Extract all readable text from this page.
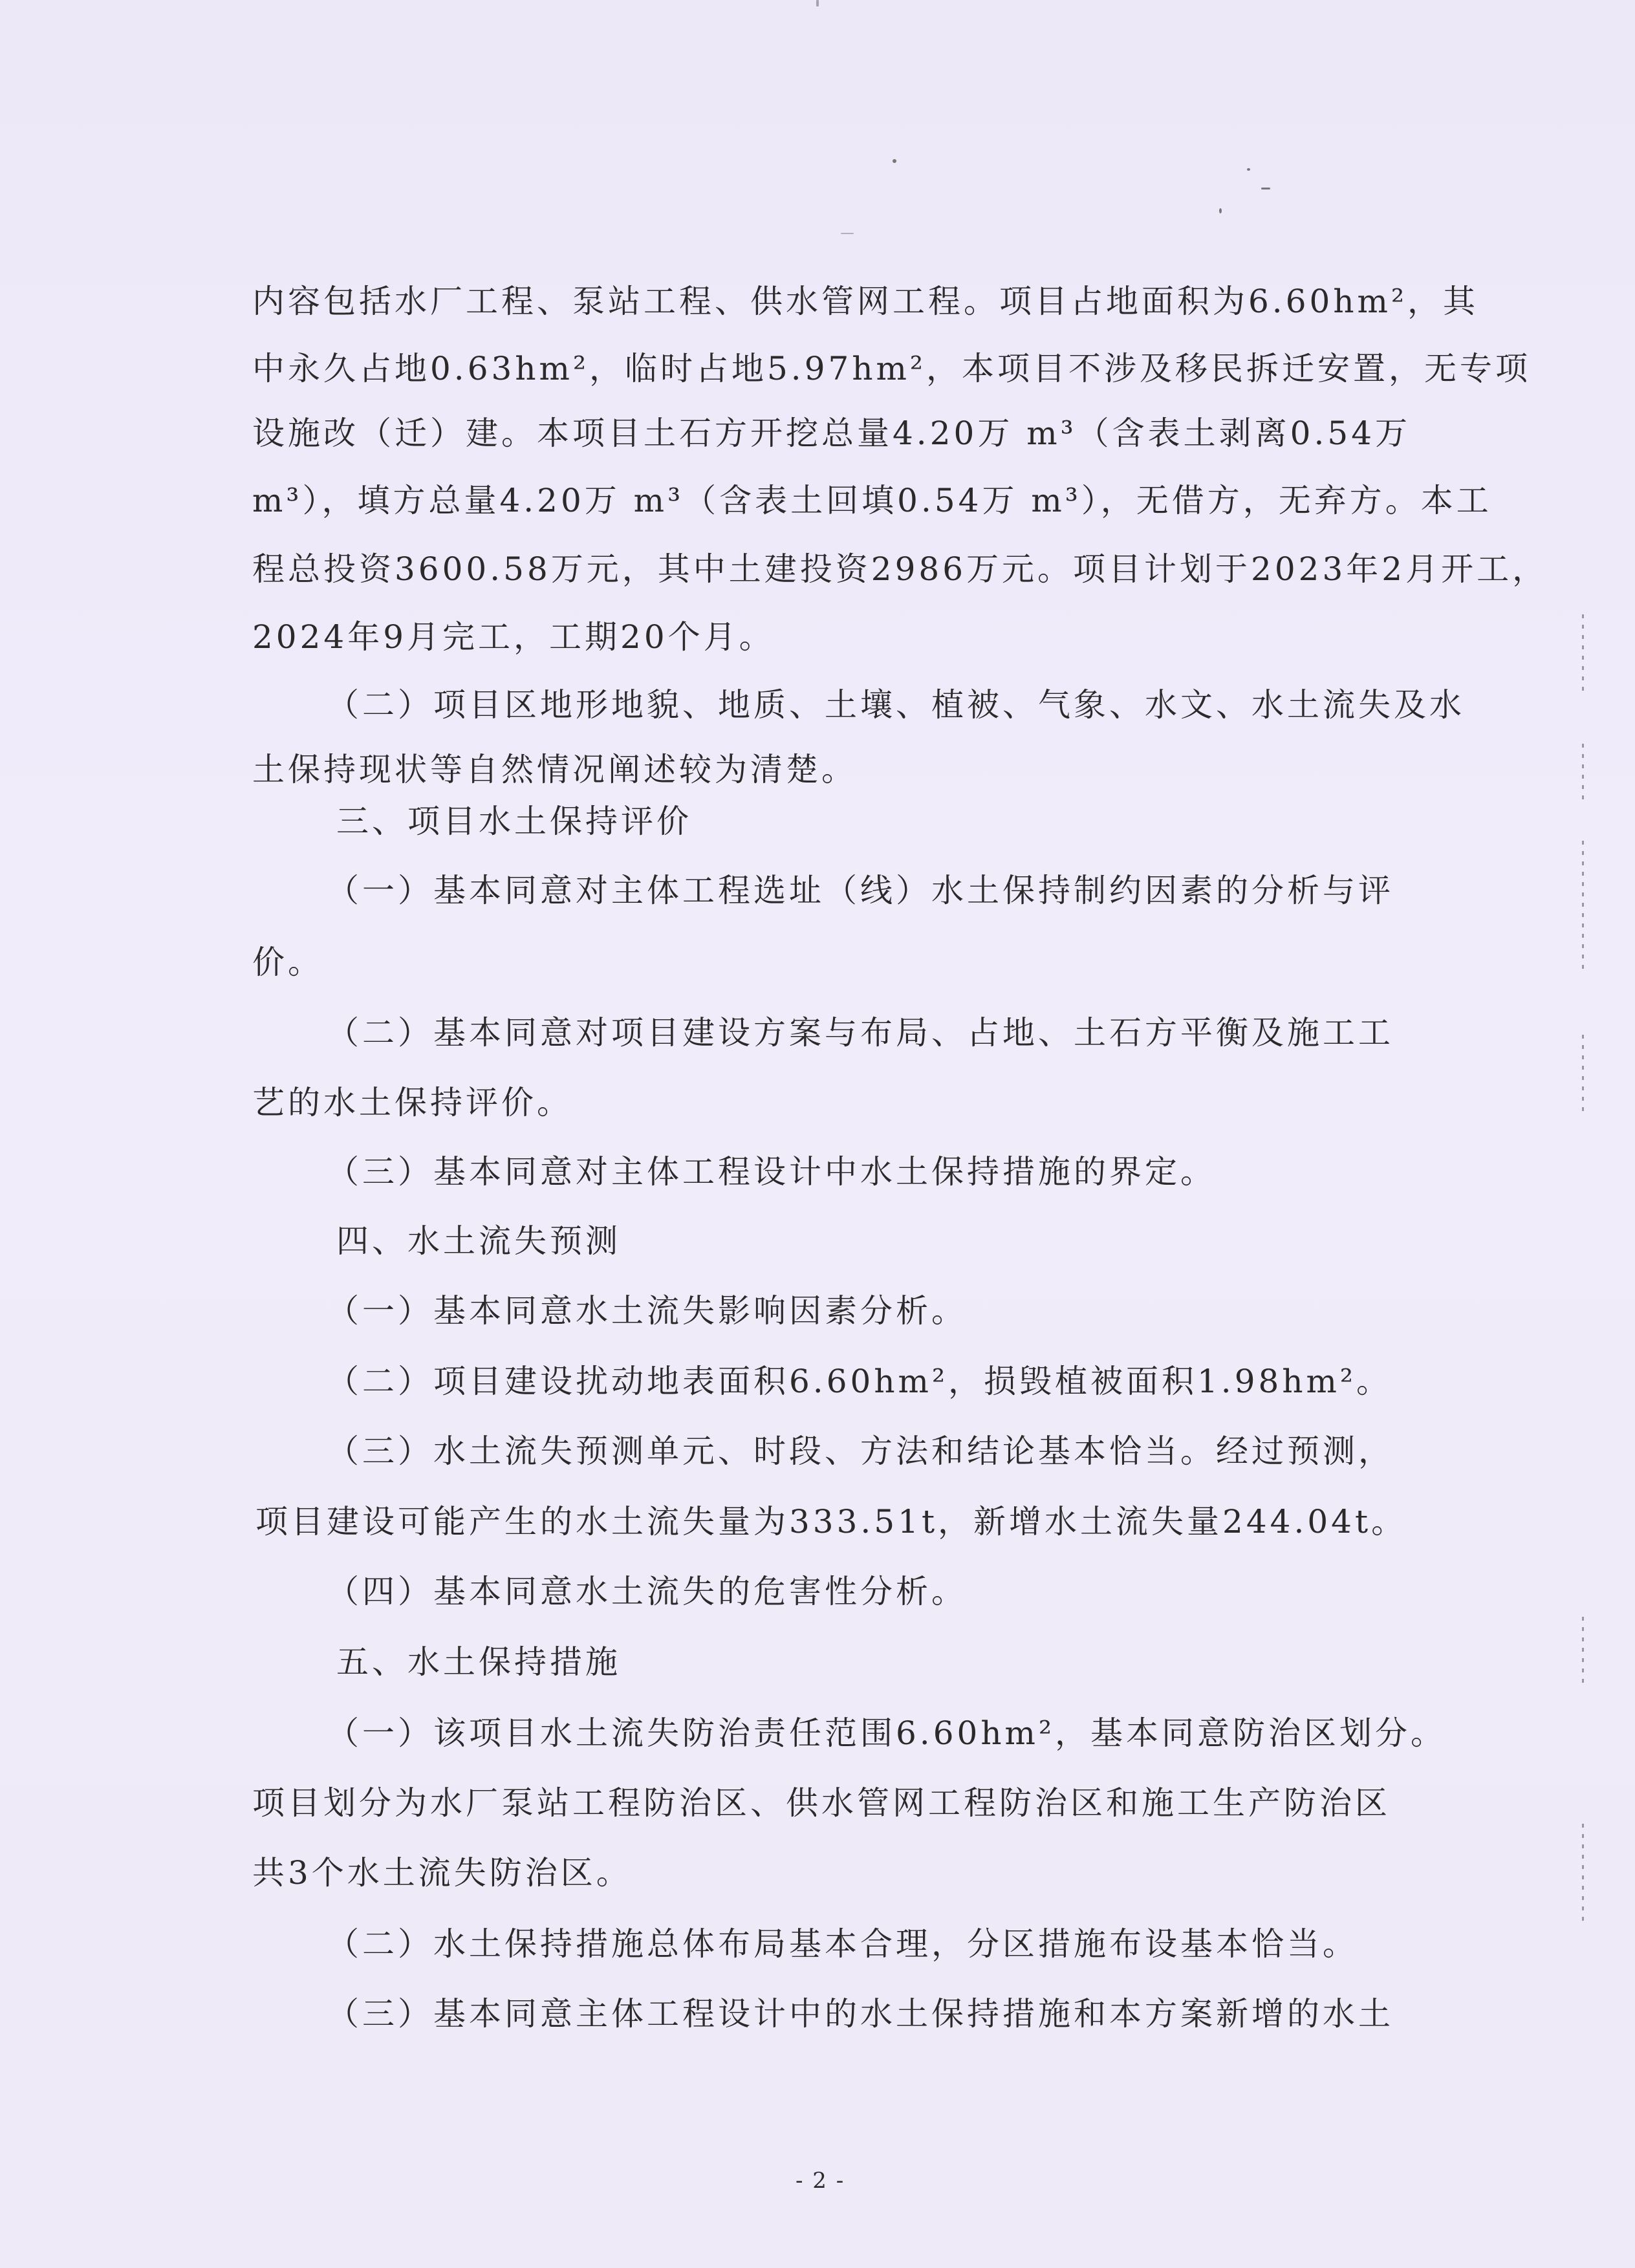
内容包括水厂工程、泵站工程、供水管网工程。项目占地面积为6.60hm²，其
中永久占地0.63hm²，临时占地5.97hm²，本项目不涉及移民拆迁安置，无专项
设施改（迁）建。本项目土石方开挖总量4.20万 m³（含表土剥离0.54万
m³），填方总量4.20万 m³（含表土回填0.54万 m³），无借方，无弃方。本工
程总投资3600.58万元，其中土建投资2986万元。项目计划于2023年2月开工，
2024年9月完工，工期20个月。
（二）项目区地形地貌、地质、土壤、植被、气象、水文、水土流失及水
土保持现状等自然情况阐述较为清楚。
三、项目水土保持评价
（一）基本同意对主体工程选址（线）水土保持制约因素的分析与评
价。
（二）基本同意对项目建设方案与布局、占地、土石方平衡及施工工
艺的水土保持评价。
（三）基本同意对主体工程设计中水土保持措施的界定。
四、水土流失预测
（一）基本同意水土流失影响因素分析。
（二）项目建设扰动地表面积6.60hm²，损毁植被面积1.98hm²。
（三）水土流失预测单元、时段、方法和结论基本恰当。经过预测，
项目建设可能产生的水土流失量为333.51t，新增水土流失量244.04t。
（四）基本同意水土流失的危害性分析。
五、水土保持措施
（一）该项目水土流失防治责任范围6.60hm²，基本同意防治区划分。
项目划分为水厂泵站工程防治区、供水管网工程防治区和施工生产防治区
共3个水土流失防治区。
（二）水土保持措施总体布局基本合理，分区措施布设基本恰当。
（三）基本同意主体工程设计中的水土保持措施和本方案新增的水土
- 2 -
